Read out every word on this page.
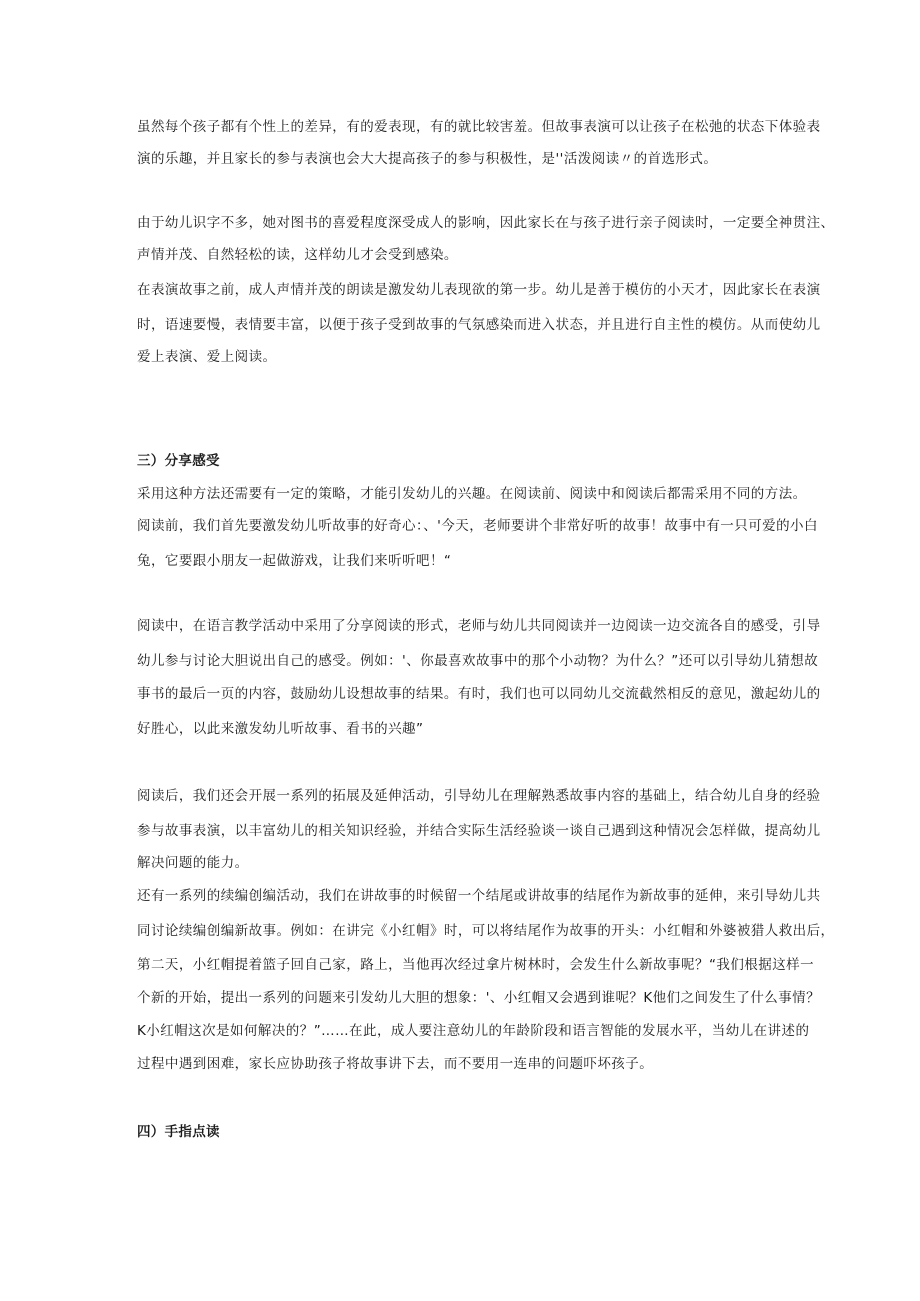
虽然每个孩子都有个性上的差异，有的爱表现，有的就比较害羞。但故事表演可以让孩子在松弛的状态下体验表
演的乐趣，并且家长的参与表演也会大大提高孩子的参与积极性，是''活泼阅读〃的首选形式。
由于幼儿识字不多，她对图书的喜爱程度深受成人的影响，因此家长在与孩子进行亲子阅读时，一定要全神贯注、
声情并茂、自然轻松的读，这样幼儿才会受到感染。
在表演故事之前，成人声情并茂的朗读是激发幼儿表现欲的第一步。幼儿是善于模仿的小天才，因此家长在表演
时，语速要慢，表情要丰富，以便于孩子受到故事的气氛感染而进入状态，并且进行自主性的模仿。从而使幼儿
爱上表演、爱上阅读。
三）分享感受
采用这种方法还需要有一定的策略，才能引发幼儿的兴趣。在阅读前、阅读中和阅读后都需采用不同的方法。
阅读前，我们首先要激发幼儿听故事的好奇心：、'今天，老师要讲个非常好听的故事！故事中有一只可爱的小白
兔，它要跟小朋友一起做游戏，让我们来听听吧！“
阅读中，在语言教学活动中采用了分享阅读的形式，老师与幼儿共同阅读并一边阅读一边交流各自的感受，引导
幼儿参与讨论大胆说出自己的感受。例如：'、你最喜欢故事中的那个小动物？为什么？”还可以引导幼儿猜想故
事书的最后一页的内容，鼓励幼儿设想故事的结果。有时，我们也可以同幼儿交流截然相反的意见，激起幼儿的
好胜心，以此来激发幼儿听故事、看书的兴趣”
阅读后，我们还会开展一系列的拓展及延伸活动，引导幼儿在理解熟悉故事内容的基础上，结合幼儿自身的经验
参与故事表演，以丰富幼儿的相关知识经验，并结合实际生活经验谈一谈自己遇到这种情况会怎样做，提高幼儿
解决问题的能力。
还有一系列的续编创编活动，我们在讲故事的时候留一个结尾或讲故事的结尾作为新故事的延伸，来引导幼儿共
同讨论续编创编新故事。例如：在讲完《小红帽》时，可以将结尾作为故事的开头：小红帽和外婆被猎人救出后，
第二天，小红帽提着篮子回自己家，路上，当他再次经过拿片树林时，会发生什么新故事呢？“我们根据这样一
个新的开始，提出一系列的问题来引发幼儿大胆的想象：'、小红帽又会遇到谁呢？K他们之间发生了什么事情？
K小红帽这次是如何解决的？”……在此，成人要注意幼儿的年龄阶段和语言智能的发展水平，当幼儿在讲述的
过程中遇到困难，家长应协助孩子将故事讲下去，而不要用一连串的问题吓坏孩子。
四）手指点读
